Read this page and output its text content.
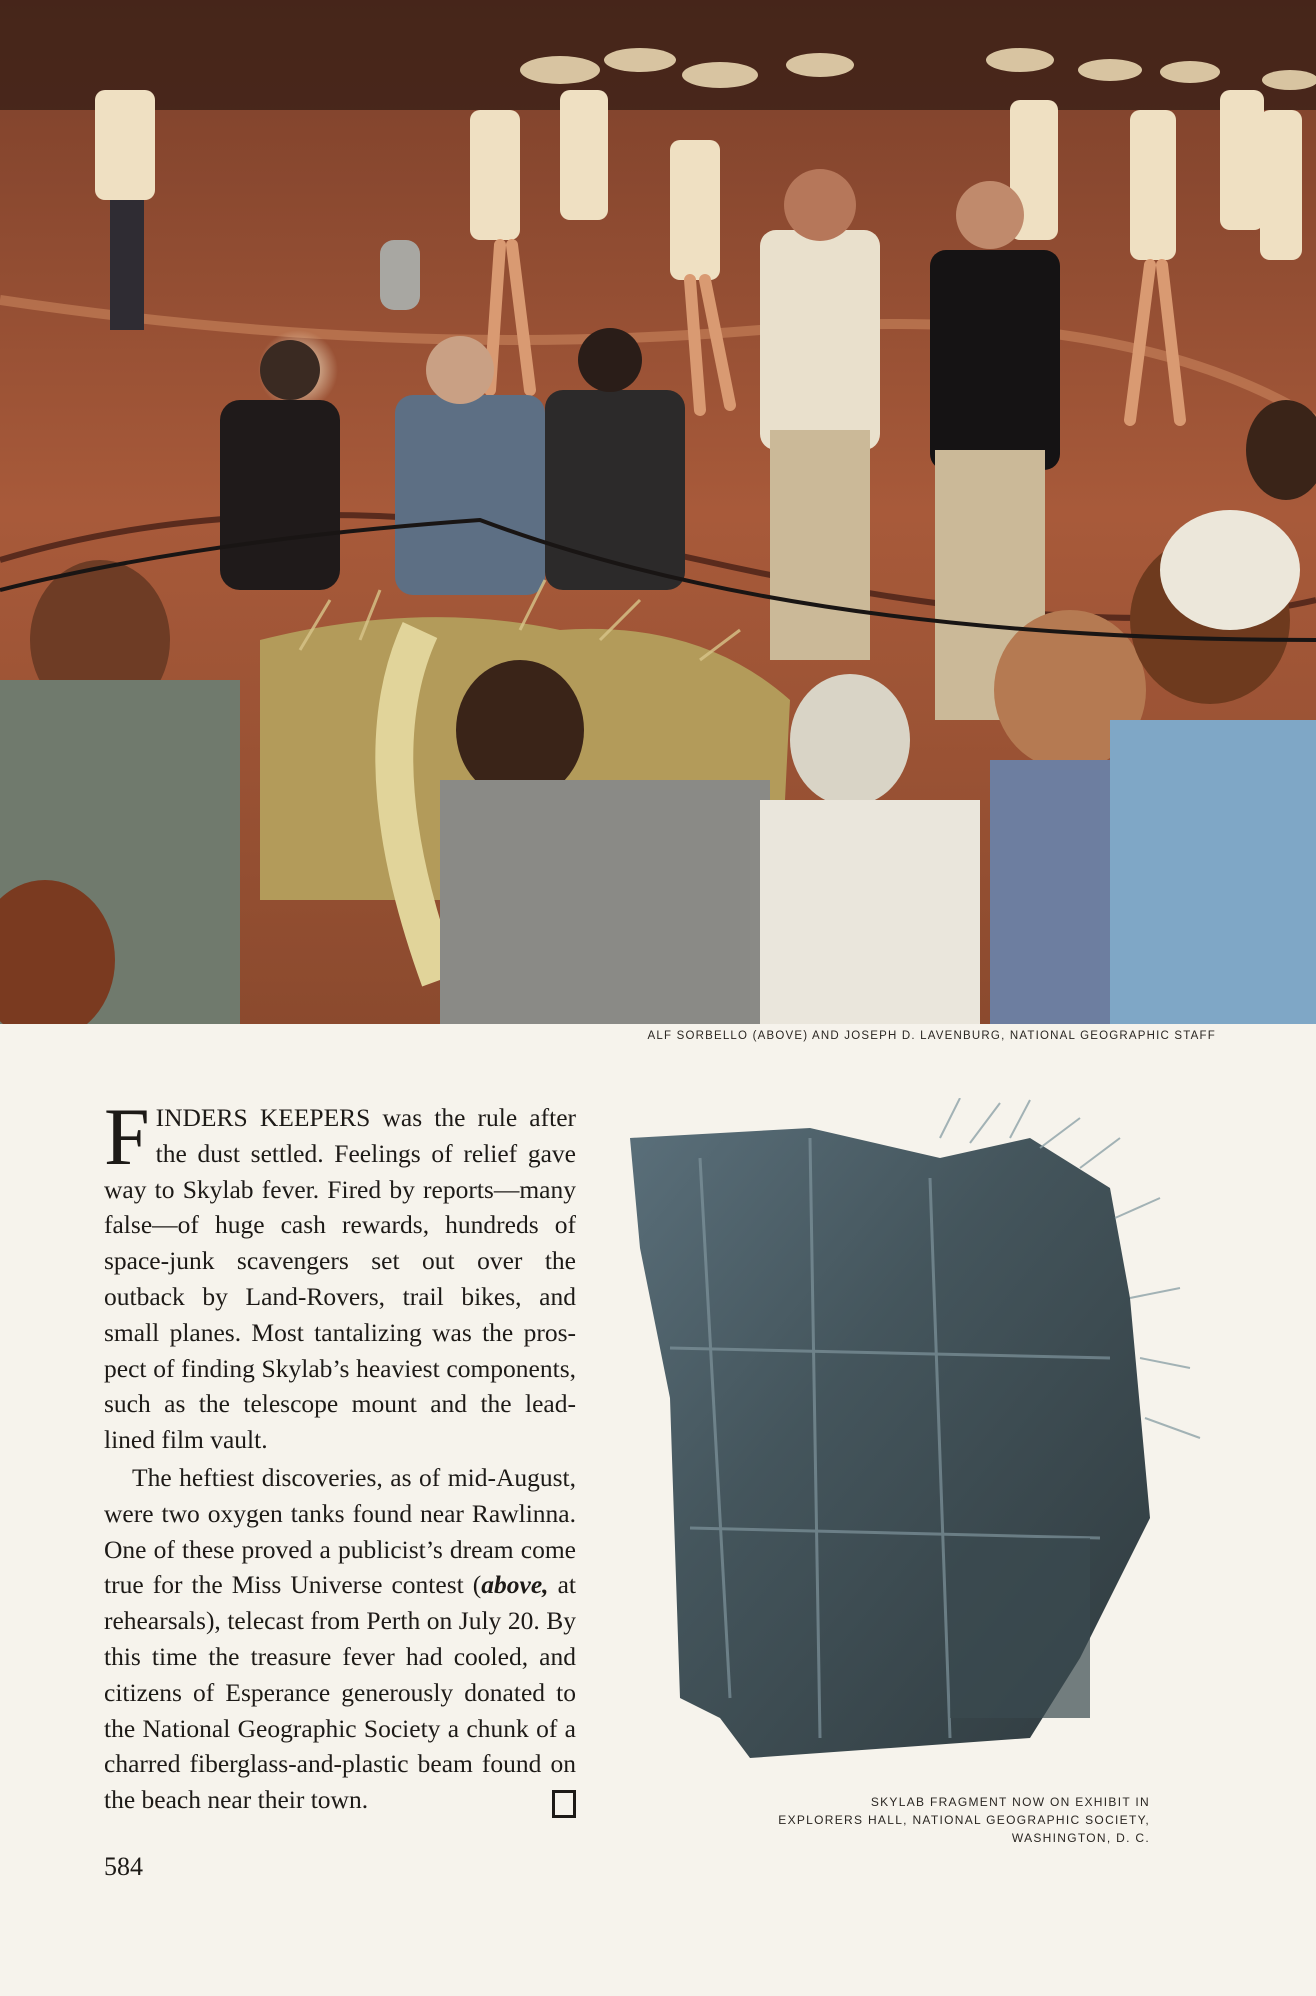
ALF SORBELLO (ABOVE) AND JOSEPH D. LAVENBURG, NATIONAL GEOGRAPHIC STAFF

FINDERS KEEPERS was the rule after the dust settled. Feelings of relief gave way to Skylab fever. Fired by reports—many false—of huge cash rewards, hundreds of space-junk scavengers set out over the outback by Land-Rovers, trail bikes, and small planes. Most tantalizing was the prospect of finding Skylab’s heaviest components, such as the telescope mount and the lead-lined film vault.

The heftiest discoveries, as of mid-August, were two oxygen tanks found near Rawlinna. One of these proved a publicist’s dream come true for the Miss Universe contest (above, at rehearsals), telecast from Perth on July 20. By this time the treasure fever had cooled, and citizens of Esperance generously donated to the National Geographic Society a chunk of a charred fiberglass-and-plastic beam found on the beach near their town.	SKYLAB FRAGMENT NOW ON EXHIBIT IN
EXPLORERS HALL, NATIONAL GEOGRAPHIC SOCIETY,
WASHINGTON, D. C.
584
